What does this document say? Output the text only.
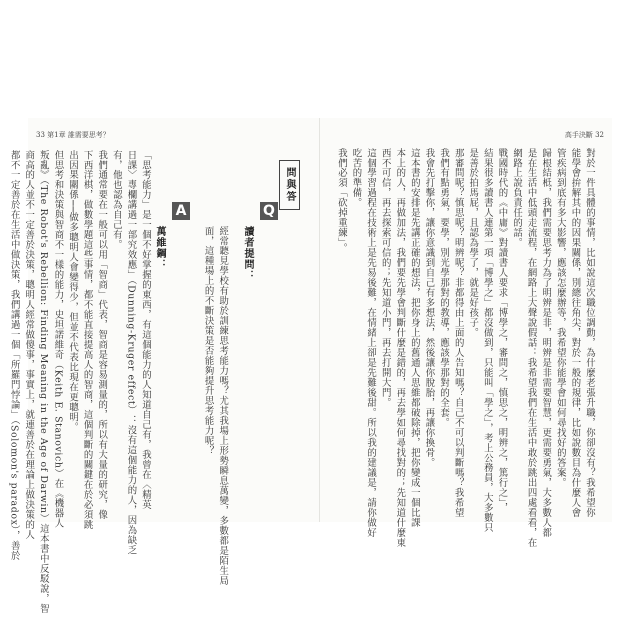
33 第1章 誰需要思考？	高手決斷 32
對於一件具體的事情，比如說這次職位調動，為什麼老張升職，你卻沒有？我希望你
能學會拚解其中的因果關係，別總往角尖，對於一般的規律，比如說數目為什麼人會
管疾病到底有多大影響，應該怎麼辦等，我希望你能學會如何尋找好的答案。
歸根結柢，我們需要思考力為了明辨是非，明辨是非需要智慧，更需要勇氣，大多數人都
是在生活中低頭走流程，在網路上大聲說假話：我希望我們在生活中敢於跳出四處看看，在
網路上說負責任的話。
戰國時代的《中庸》對讀書人要求「博學之，審問之，慎思之，明辨之，篤行之」，
結果很多讀書人連第一項「博學之」都沒做到，只能叫「學之」，考上公務員，大多數只
是善於拍馬屁，且認為學了，就是好孩子。
那審問呢？慎思呢？明辨呢？非都得由上面的人告知嗎？自己不可以判斷嗎？我希望
我們有點勇氣，要學，別光學那對的教導，應該學那對的全套。
我會先打擊你，讓你意識到自己有多想法，然後讓你脫胎，再讓你換骨。
這本書的安排是先講正確的想法，把你身上的舊通人思維都破除掉，把你變成一個比課
本上的人，再做加法，我們要先學會判斷什麼是錯的，再去學如何尋找對的；先知道什麼東
西不可信，再去探索可信的；先知道小門，再去打開大門。
這個學習過程在技術上是先易後難，在情緒上卻是先難後甜。所以我的建議是，請你做好
吃苦的準備。
我們必須「砍掉重練」。
問與答
Q
讀者提問：
經常聽見學校有助於訓練思考能力嗎？尤其我場上形勢瞬息萬變，多數都是陌生局
面，這種場上的不斷決策是否能夠提升思考能力呢？
A
萬維鋼：
「思考能力」是一個不好掌握的東西，有這個能力的人知道自己有，我曾在〈精英
日課〉專欄講過一部究效應」（Dunning-Kruger effect）：沒有這個能力的人，因為缺乏
有，他也認為自己有。
我們通常要在一般可以用「智商」代表，智商是容易測量的，所以有大量的研究，像
下西洋棋，做數學題這些事情，都不能直接提高人的智商，這個判斷的關鍵在於必須跳
出因果關係──做多聰明人會變得少，但並不代表比現在更聰明。
但思考和決策與智商不一樣的能力，史坦諾維奇（Keith E. Stanovich）在《機器人
叛亂》（The Robot's Rebellion: Finding Meaning in the Age of Darwin）這本書中反駁說，智
商高的人並不一定善於決策，聰明人經常做傻事，事實上，就連善於在理論上做決策的人
都不一定善於在生活中做決策，我們講過一個「所羅門悖論」（Solomon's paradox），善於
